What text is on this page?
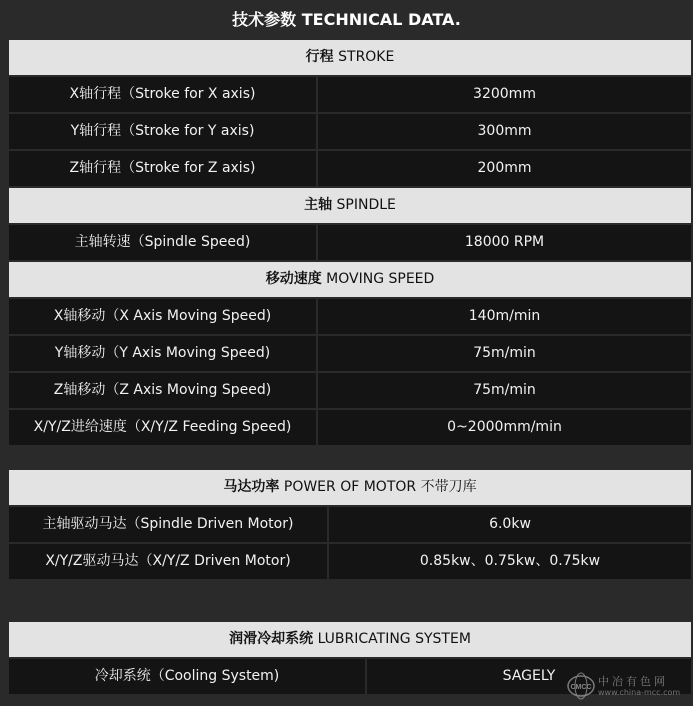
技术参数 TECHNICAL DATA.
行程 STROKE	
X轴行程（Stroke for X axis)	3200mm
Y轴行程（Stroke for Y axis)	300mm
Z轴行程（Stroke for Z axis)	200mm
主轴 SPINDLE	
主轴转速（Spindle Speed)	18000 RPM
移动速度 MOVING SPEED	
X轴移动（X Axis Moving Speed)	140m/min
Y轴移动（Y Axis Moving Speed)	75m/min
Z轴移动（Z Axis Moving Speed)	75m/min
X/Y/Z进给速度（X/Y/Z Feeding Speed)	0~2000mm/min
马达功率 POWER OF MOTOR 不带刀库	
主轴驱动马达（Spindle Driven Motor)	6.0kw
X/Y/Z驱动马达（X/Y/Z Driven Motor)	0.85kw、0.75kw、0.75kw
润滑冷却系统 LUBRICATING SYSTEM
冷却系统（Cooling System)	SAGELY
CMCC 中冶有色网
www.china-mcc.com
